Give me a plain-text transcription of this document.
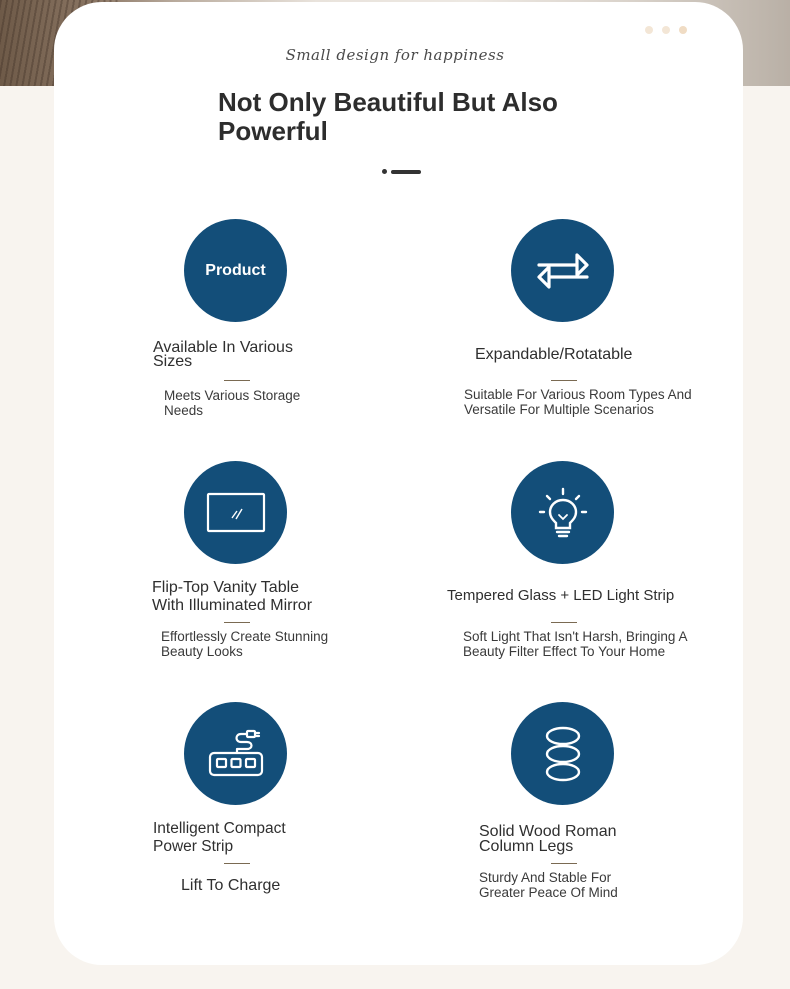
Small design for happiness
Not Only Beautiful But Also Powerful
Product
Available In Various Sizes
Meets Various Storage Needs
Expandable/Rotatable
Suitable For Various Room Types And Versatile For Multiple Scenarios
Flip-Top Vanity Table With Illuminated Mirror
Effortlessly Create Stunning Beauty Looks
Tempered Glass + LED Light Strip
Soft Light That Isn't Harsh, Bringing A Beauty Filter Effect To Your Home
Intelligent Compact Power Strip
Lift To Charge
Solid Wood Roman Column Legs
Sturdy And Stable For Greater Peace Of Mind
